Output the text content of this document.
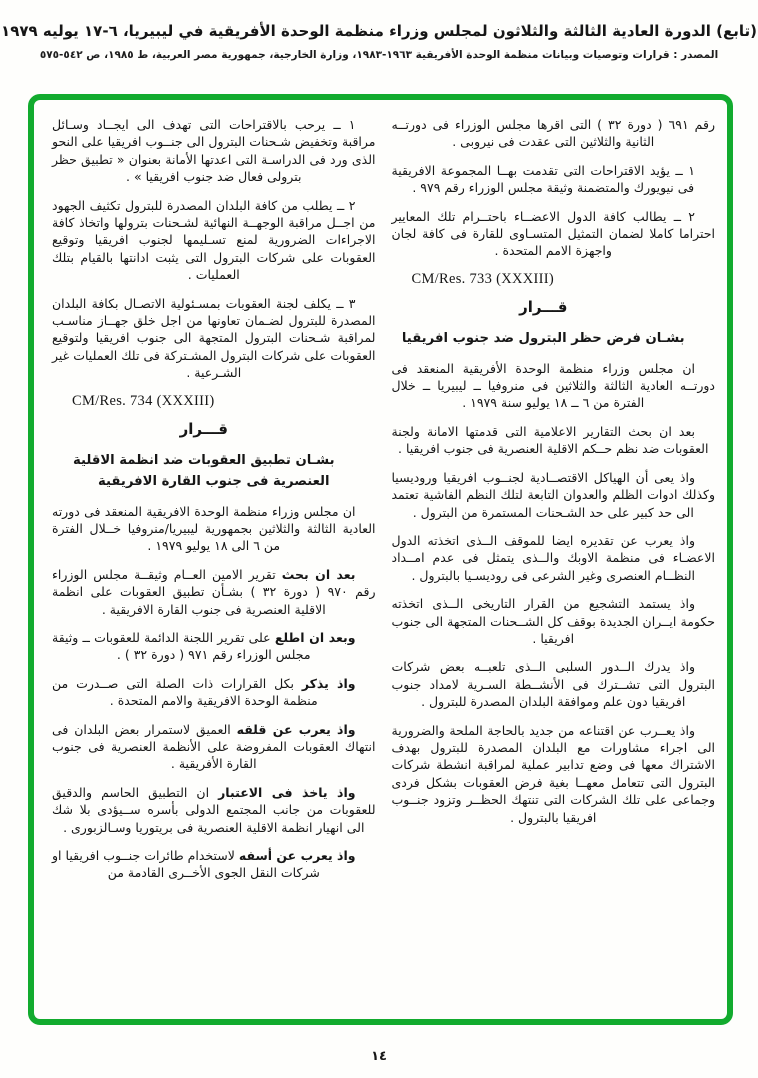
(تابع) الدورة العادية الثالثة والثلاثون لمجلس وزراء منظمة الوحدة الأفريقية في ليبيريا، ٦-١٧ يوليه ١٩٧٩
المصدر : قرارات وتوصيات وبيانات منظمة الوحدة الأفريقية ١٩٦٣-١٩٨٣، وزارة الخارجية، جمهورية مصر العربية، ط ١٩٨٥، ص ٥٤٢-٥٧٥

رقم ٦٩١ ( دورة ٣٢ ) التى اقرها مجلس الوزراء فى دورتــه الثانية والثلاثين التى عقدت فى نيروبى .

١ ــ يؤيد الاقتراحات التى تقدمت بهــا المجموعة الافريقية فى نيويورك والمتضمنة وثيقة مجلس الوزراء رقم ٩٧٩ .

٢ ــ يطالب كافة الدول الاعضــاء باحتــرام تلك المعايير احتراما كاملا لضمان التمثيل المتسـاوى للقارة فى كافة لجان واجهزة الامم المتحدة .

CM/Res. 733 (XXXIII)

قـــرار

بشـان فرض حظر البترول ضد جنوب افريقيا

ان مجلس وزراء منظمة الوحدة الأفريقية المنعقد فى دورتــه العادية الثالثة والثلاثين فى منروفيا ــ ليبيريا ــ خلال الفترة من ٦ ــ ١٨ يوليو سنة ١٩٧٩ .

بعد ان بحث التقارير الاعلامية التى قدمتها الامانة ولجنة العقوبات ضد نظم حــكم الاقلية العنصرية فى جنوب افريقيا .

واذ يعى أن الهياكل الاقتصــادية لجنــوب افريقيا وروديسيا وكذلك ادوات الظلم والعدوان التابعة لتلك النظم الفاشية تعتمد الى حد كبير على حد الشـحنات المستمرة من البترول .

واذ يعرب عن تقديره ايضا للموقف الــذى اتخذته الدول الاعضـاء فى منظمة الاوبك والــذى يتمثل فى عدم امــداد النظــام العنصرى وغير الشرعى فى روديسـيا بالبترول .

واذ يستمد التشجيع من القرار التاريخى الــذى اتخذته حكومة ايــران الجديدة بوقف كل الشــحنات المتجهة الى جنوب افريقيا .

واذ يدرك الــدور السلبى الــذى تلعبــه بعض شركات البترول التى تشــترك فى الأنشــطة السـرية لامداد جنوب افريقيا دون علم وموافقة البلدان المصدرة للبترول .

واذ يعــرب عن اقتناعه من جديد بالحاجة الملحة والضرورية الى اجراء مشاورات مع البلدان المصدرة للبترول بهدف الاشتراك معها فى وضع تدابير عملية لمراقبة انشطة شركات البترول التى تتعامل معهــا بغية فرض العقوبات بشكل فردى وجماعى على تلك الشركات التى تنتهك الحظــر وتزود جنــوب افريقيا بالبترول .

١ ــ يرحب بالاقتراحات التى تهدف الى ايجــاد وسـائل مراقبة وتخفيض شـحنات البترول الى جنــوب افريقيا على النحو الذى ورد فى الدراسـة التى اعدتها الأمانة بعنوان « تطبيق حظر بترولى فعال ضد جنوب افريقيا » .

٢ ــ يطلب من كافة البلدان المصدرة للبترول تكثيف الجهود من اجــل مراقبة الوجهــة النهائية لشـحنات بترولها واتخاذ كافة الاجراءات الضرورية لمنع تسـليمها لجنوب افريقيا وتوقيع العقوبات على شركات البترول التى يثبت ادانتها بالقيام بتلك العمليات .

٣ ــ يكلف لجنة العقوبات بمسـئولية الاتصـال بكافة البلدان المصدرة للبترول لضـمان تعاونها من اجل خلق جهــاز مناسـب لمراقبة شـحنات البترول المتجهة الى جنوب افريقيا ولتوقيع العقوبات على شركات البترول المشـتركة فى تلك العمليات غير الشـرعية .

CM/Res. 734 (XXXIII)

قـــرار

بشـان تطبيق العقوبات ضد انظمة الاقلية
العنصرية فى جنوب القارة الافريقية

ان مجلس وزراء منظمة الوحدة الافريقية المنعقد فى دورته العادية الثالثة والثلاثين بجمهورية ليبيريا/منروفيا خــلال الفترة من ٦ الى ١٨ يوليو ١٩٧٩ .

بعد ان بحث تقرير الامين العــام وثيقــة مجلس الوزراء رقم ٩٧٠ ( دورة ٣٢ ) بشـأن تطبيق العقوبات على انظمة الاقلية العنصرية فى جنوب القارة الافريقية .

وبعد ان اطلع على تقرير اللجنة الدائمة للعقوبات ــ وثيقة مجلس الوزراء رقم ٩٧١ ( دورة ٣٢ ) .

واذ يذكر بكل القرارات ذات الصلة التى صــدرت من منظمة الوحدة الافريقية والامم المتحدة .

واذ يعرب عن قلقه العميق لاستمرار بعض البلدان فى انتهاك العقوبات المفروضة على الأنظمة العنصرية فى جنوب القارة الأفريقية .

واذ ياخذ فى الاعتبار ان التطبيق الحاسم والدقيق للعقوبات من جانب المجتمع الدولى بأسره ســيؤدى بلا شك الى انهيار انظمة الاقلية العنصرية فى بريتوريا وسـالزبورى .

واذ يعرب عن أسفه لاستخدام طائرات جنــوب افريقيا او شركات النقل الجوى الأخــرى القادمة من

١٤
